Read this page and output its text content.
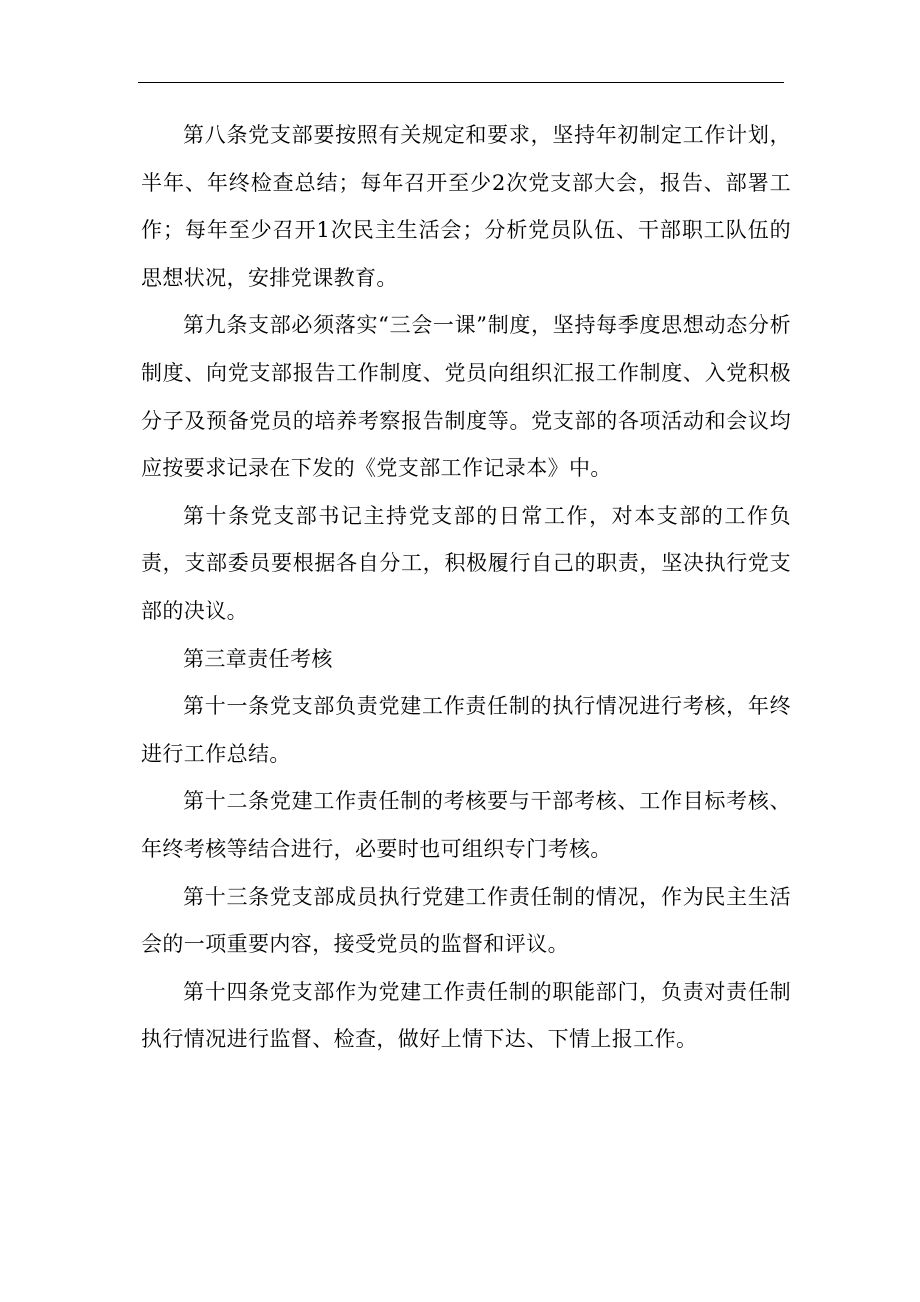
第八条党支部要按照有关规定和要求，坚持年初制定工作计划，半年、年终检查总结；每年召开至少2次党支部大会，报告、部署工作；每年至少召开1次民主生活会；分析党员队伍、干部职工队伍的思想状况，安排党课教育。

第九条支部必须落实“三会一课”制度，坚持每季度思想动态分析制度、向党支部报告工作制度、党员向组织汇报工作制度、入党积极分子及预备党员的培养考察报告制度等。党支部的各项活动和会议均应按要求记录在下发的《党支部工作记录本》中。

第十条党支部书记主持党支部的日常工作，对本支部的工作负责，支部委员要根据各自分工，积极履行自己的职责，坚决执行党支部的决议。

第三章责任考核

第十一条党支部负责党建工作责任制的执行情况进行考核，年终进行工作总结。

第十二条党建工作责任制的考核要与干部考核、工作目标考核、年终考核等结合进行，必要时也可组织专门考核。

第十三条党支部成员执行党建工作责任制的情况，作为民主生活会的一项重要内容，接受党员的监督和评议。

第十四条党支部作为党建工作责任制的职能部门，负责对责任制执行情况进行监督、检查，做好上情下达、下情上报工作。
